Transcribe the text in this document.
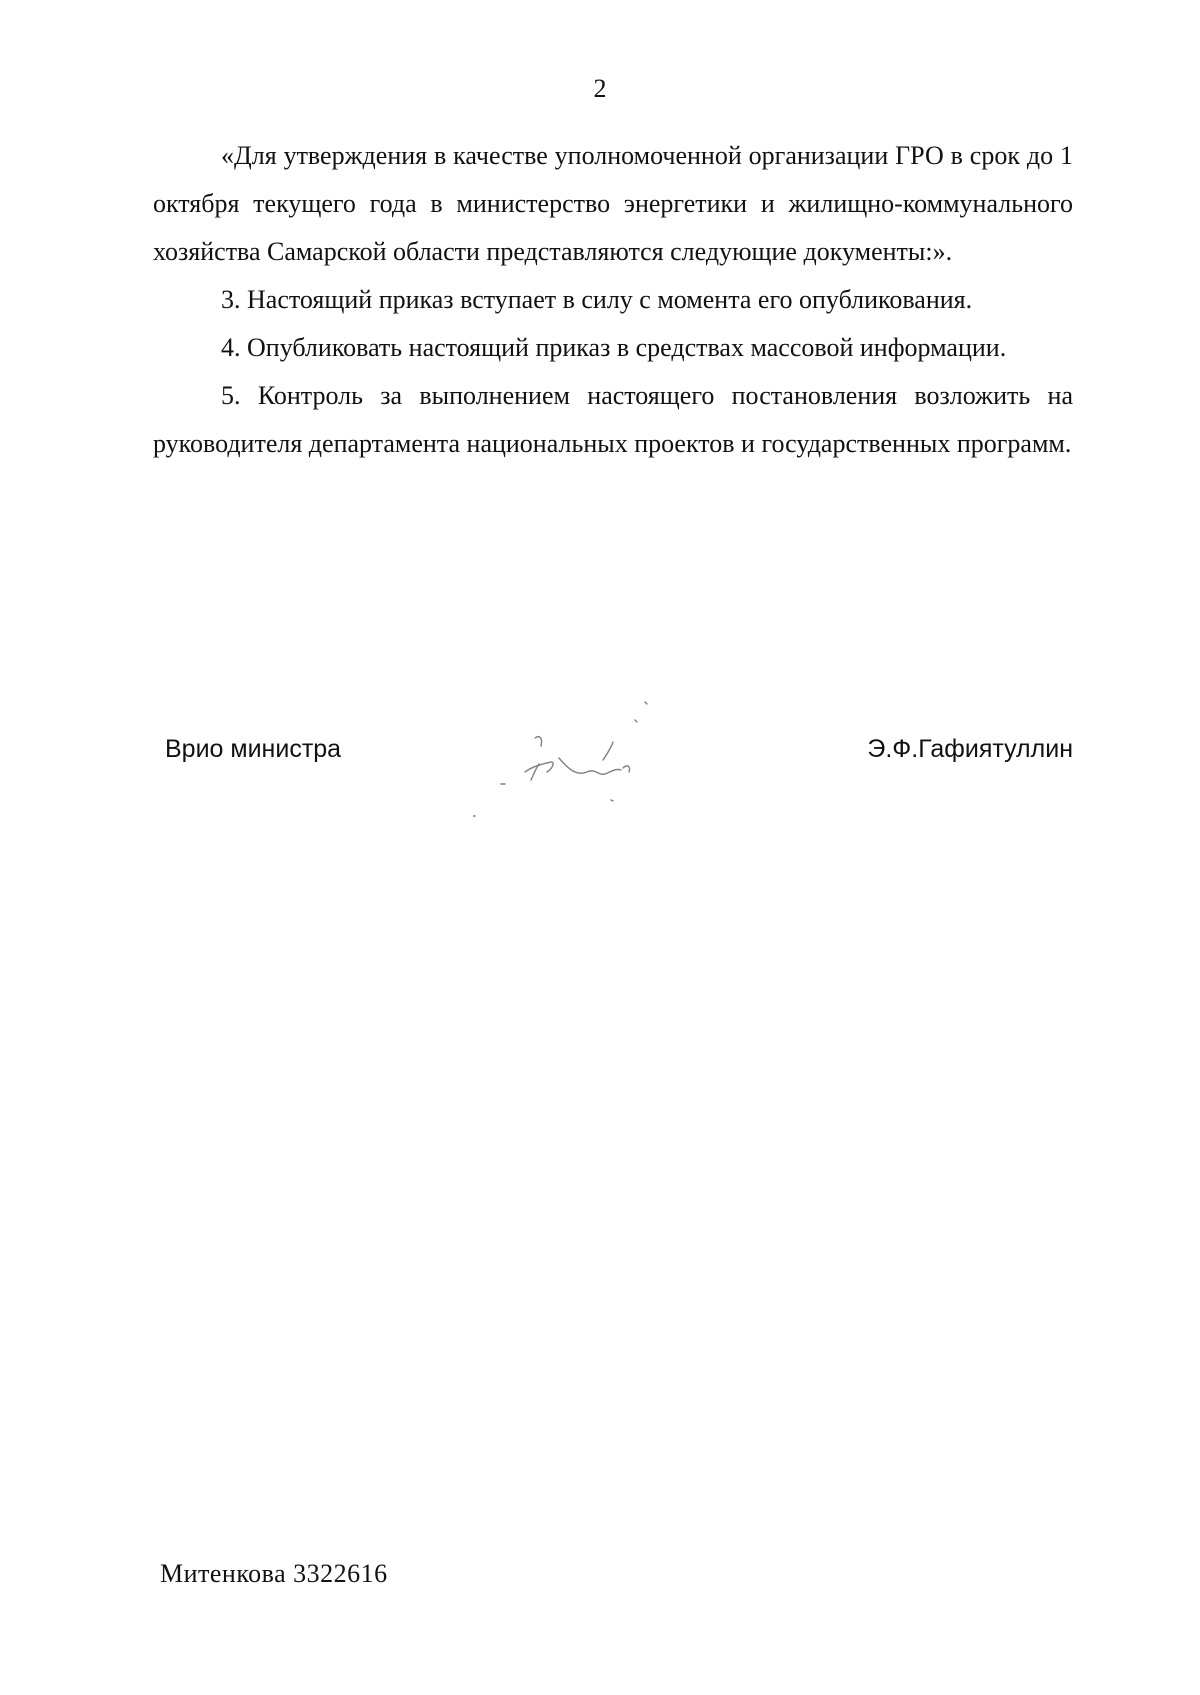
2

«Для утверждения в качестве уполномоченной организации ГРО в срок до 1 октября текущего года в министерство энергетики и жилищно-коммунального хозяйства Самарской области представляются следующие документы:».

3. Настоящий приказ вступает в силу с момента его опубликования.

4. Опубликовать настоящий приказ в средствах массовой информации.

5. Контроль за выполнением настоящего постановления возложить на руководителя департамента национальных проектов и государственных программ.

Врио министра	Э.Ф.Гафиятуллин
Митенкова 3322616
